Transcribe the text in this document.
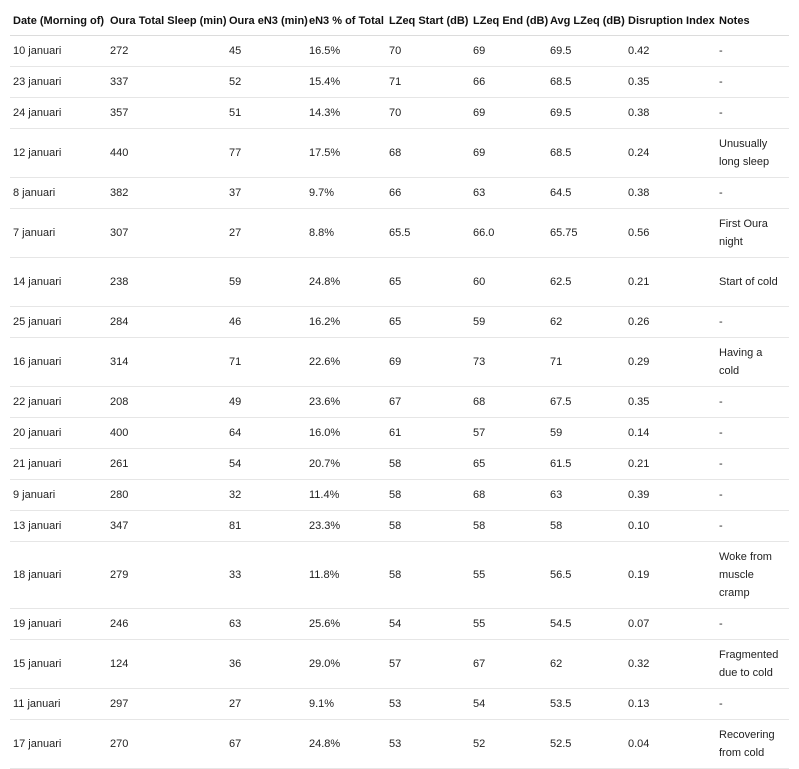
Date (Morning of)	Oura Total Sleep (min)	Oura eN3 (min)	eN3 % of Total	LZeq Start (dB)	LZeq End (dB)	Avg LZeq (dB)	Disruption Index	Notes
10 januari	272	45	16.5%	70	69	69.5	0.42	-
23 januari	337	52	15.4%	71	66	68.5	0.35	-
24 januari	357	51	14.3%	70	69	69.5	0.38	-
12 januari	440	77	17.5%	68	69	68.5	0.24	Unusually long sleep
8 januari	382	37	9.7%	66	63	64.5	0.38	-
7 januari	307	27	8.8%	65.5	66.0	65.75	0.56	First Oura night
14 januari	238	59	24.8%	65	60	62.5	0.21	Start of cold
25 januari	284	46	16.2%	65	59	62	0.26	-
16 januari	314	71	22.6%	69	73	71	0.29	Having a cold
22 januari	208	49	23.6%	67	68	67.5	0.35	-
20 januari	400	64	16.0%	61	57	59	0.14	-
21 januari	261	54	20.7%	58	65	61.5	0.21	-
9 januari	280	32	11.4%	58	68	63	0.39	-
13 januari	347	81	23.3%	58	58	58	0.10	-
18 januari	279	33	11.8%	58	55	56.5	0.19	Woke from muscle cramp
19 januari	246	63	25.6%	54	55	54.5	0.07	-
15 januari	124	36	29.0%	57	67	62	0.32	Fragmented due to cold
11 januari	297	27	9.1%	53	54	53.5	0.13	-
17 januari	270	67	24.8%	53	52	52.5	0.04	Recovering from cold
